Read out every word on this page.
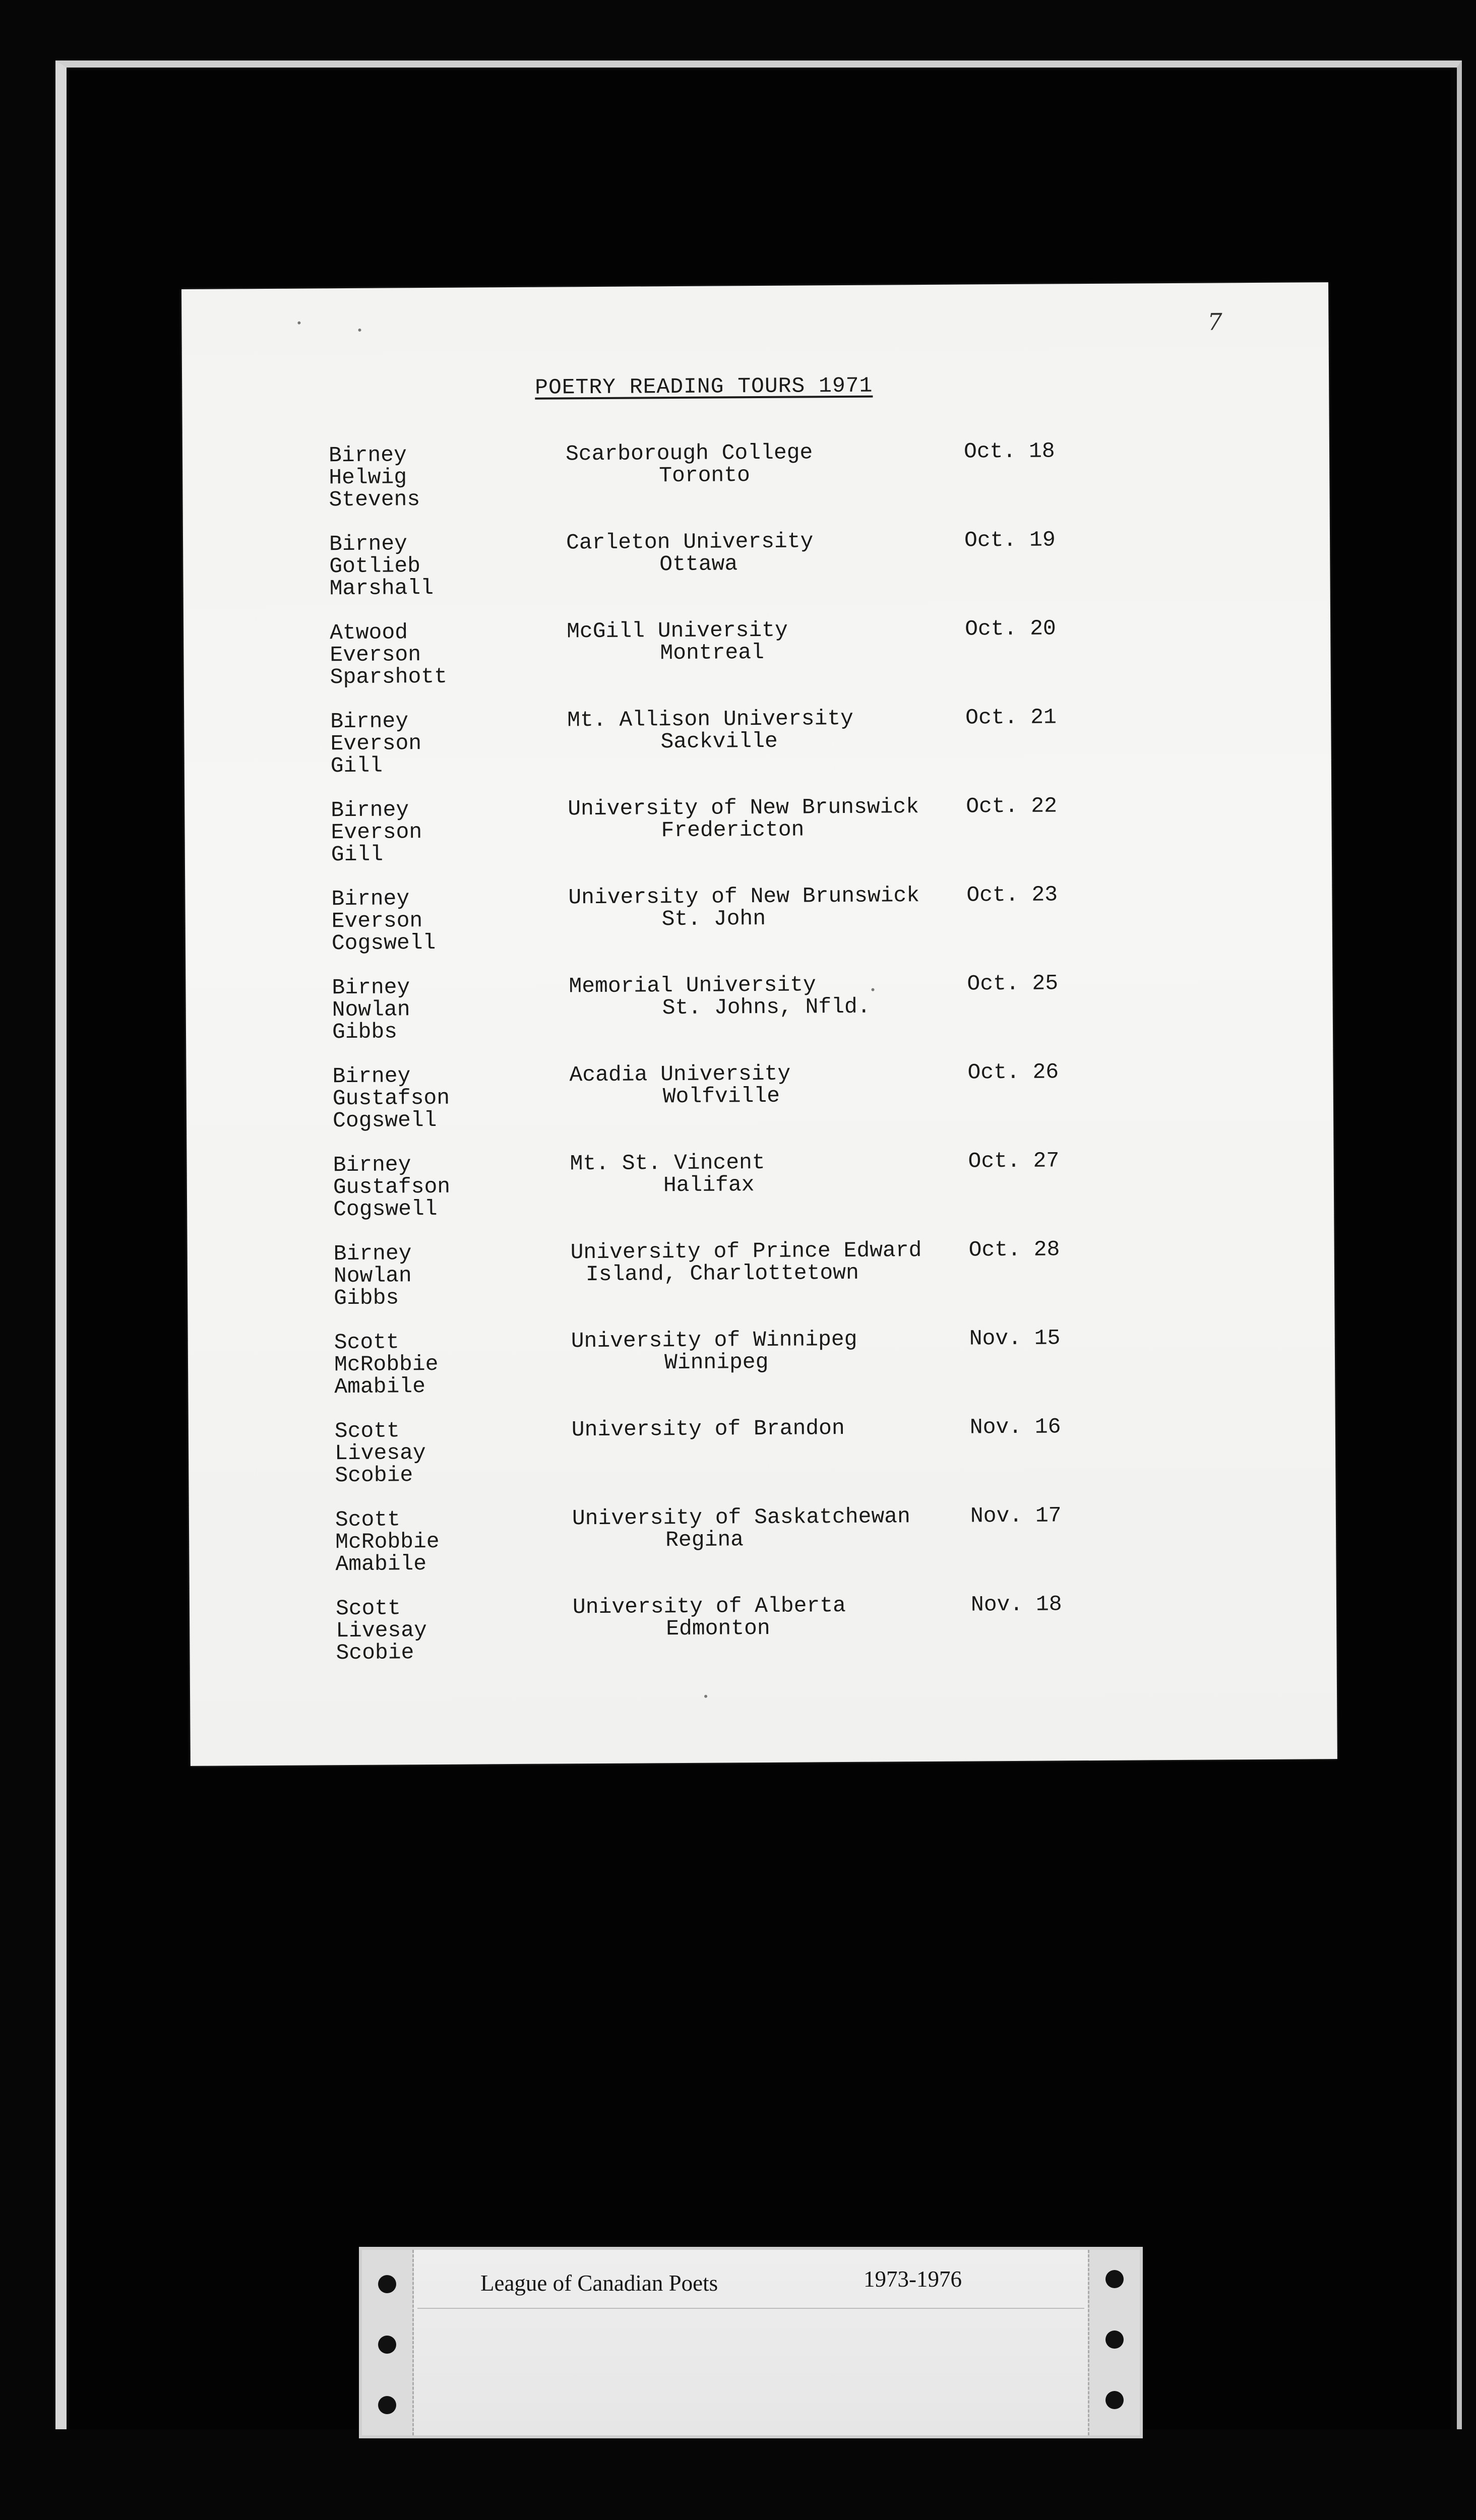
7
POETRY READING TOURS 1971
Birney
Helwig
Stevens
Scarborough College
Toronto
Oct. 18
Birney
Gotlieb
Marshall
Carleton University
Ottawa
Oct. 19
Atwood
Everson
Sparshott
McGill University
Montreal
Oct. 20
Birney
Everson
Gill
Mt. Allison University
Sackville
Oct. 21
Birney
Everson
Gill
University of New Brunswick
Fredericton
Oct. 22
Birney
Everson
Cogswell
University of New Brunswick
St. John
Oct. 23
Birney
Nowlan
Gibbs
Memorial University
St. Johns, Nfld.
Oct. 25
Birney
Gustafson
Cogswell
Acadia University
Wolfville
Oct. 26
Birney
Gustafson
Cogswell
Mt. St. Vincent
Halifax
Oct. 27
Birney
Nowlan
Gibbs
University of Prince Edward
Island, Charlottetown
Oct. 28
Scott
McRobbie
Amabile
University of Winnipeg
Winnipeg
Nov. 15
Scott
Livesay
Scobie
University of Brandon	Nov. 16
Scott
McRobbie
Amabile
University of Saskatchewan
Regina
Nov. 17
Scott
Livesay
Scobie
University of Alberta
Edmonton
Nov. 18
League of Canadian Poets	1973-1976
